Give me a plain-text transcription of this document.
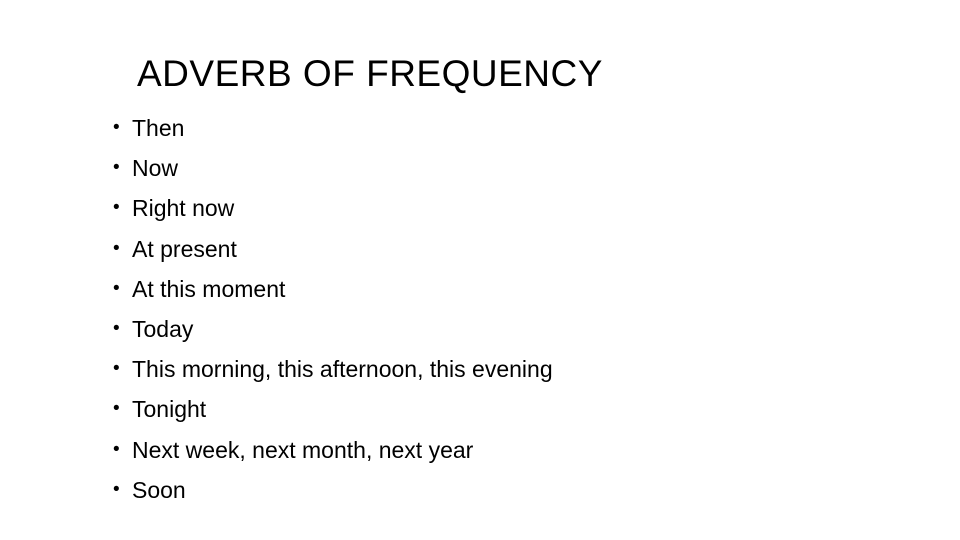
ADVERB OF FREQUENCY
• Then
• Now
• Right now
• At present
• At this moment
• Today
• This morning, this afternoon, this evening
• Tonight
• Next week, next month, next year
• Soon
